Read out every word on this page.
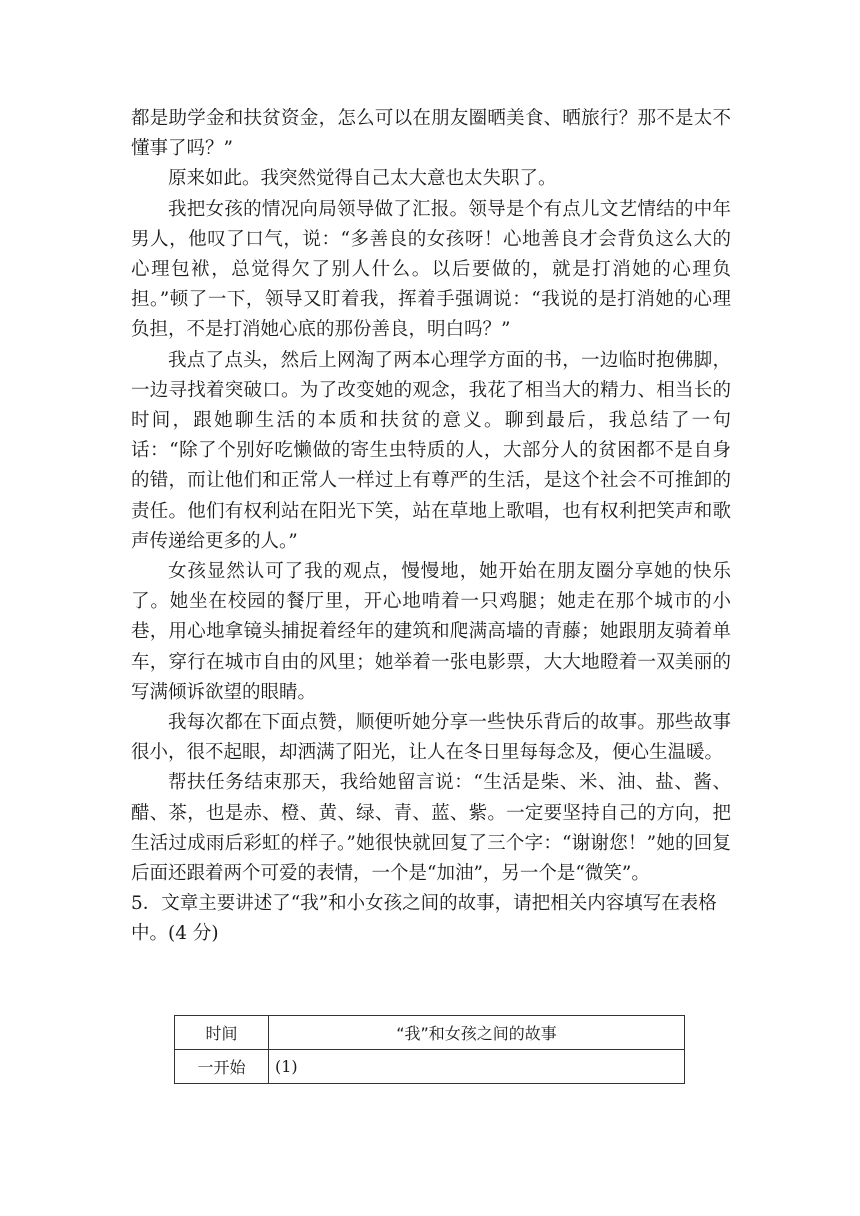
都是助学金和扶贫资金，怎么可以在朋友圈晒美食、晒旅行？那不是太不懂事了吗？”

原来如此。我突然觉得自己太大意也太失职了。

我把女孩的情况向局领导做了汇报。领导是个有点儿文艺情结的中年男人，他叹了口气，说：“多善良的女孩呀！心地善良才会背负这么大的心理包袱，总觉得欠了别人什么。以后要做的，就是打消她的心理负担。”顿了一下，领导又盯着我，挥着手强调说：“我说的是打消她的心理负担，不是打消她心底的那份善良，明白吗？”

我点了点头，然后上网淘了两本心理学方面的书，一边临时抱佛脚，一边寻找着突破口。为了改变她的观念，我花了相当大的精力、相当长的时间，跟她聊生活的本质和扶贫的意义。聊到最后，我总结了一句话：“除了个别好吃懒做的寄生虫特质的人，大部分人的贫困都不是自身的错，而让他们和正常人一样过上有尊严的生活，是这个社会不可推卸的责任。他们有权利站在阳光下笑，站在草地上歌唱，也有权利把笑声和歌声传递给更多的人。”

女孩显然认可了我的观点，慢慢地，她开始在朋友圈分享她的快乐了。她坐在校园的餐厅里，开心地啃着一只鸡腿；她走在那个城市的小巷，用心地拿镜头捕捉着经年的建筑和爬满高墙的青藤；她跟朋友骑着单车，穿行在城市自由的风里；她举着一张电影票，大大地瞪着一双美丽的写满倾诉欲望的眼睛。

我每次都在下面点赞，顺便听她分享一些快乐背后的故事。那些故事很小，很不起眼，却洒满了阳光，让人在冬日里每每念及，便心生温暖。

帮扶任务结束那天，我给她留言说：“生活是柴、米、油、盐、酱、醋、茶，也是赤、橙、黄、绿、青、蓝、紫。一定要坚持自己的方向，把生活过成雨后彩虹的样子。”她很快就回复了三个字：“谢谢您！”她的回复后面还跟着两个可爱的表情，一个是“加油”，另一个是“微笑”。

5．文章主要讲述了“我”和小女孩之间的故事，请把相关内容填写在表格中。(4 分)

时间	“我”和女孩之间的故事
一开始	(1)
